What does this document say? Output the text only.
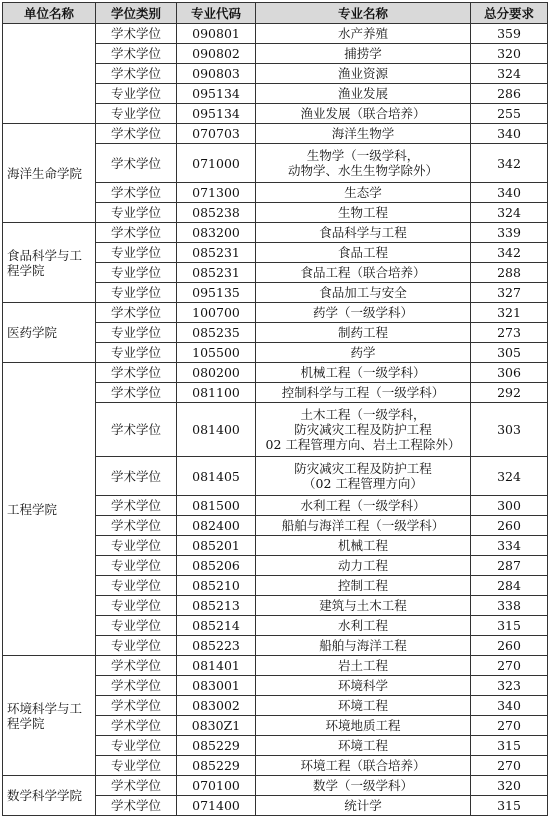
单位名称	学位类别	专业代码	专业名称	总分要求
	学术学位	090801	水产养殖	359
	学术学位	090802	捕捞学	320
	学术学位	090803	渔业资源	324
	专业学位	095134	渔业发展	286
	专业学位	095134	渔业发展（联合培养）	255
海洋生命学院	学术学位	070703	海洋生物学	340
	学术学位	071000	生物学（一级学科，
动物学、水生生物学除外）	342
	学术学位	071300	生态学	340
	专业学位	085238	生物工程	324
食品科学与工程学院	学术学位	083200	食品科学与工程	339
	专业学位	085231	食品工程	342
	专业学位	085231	食品工程（联合培养）	288
	专业学位	095135	食品加工与安全	327
医药学院	学术学位	100700	药学（一级学科）	321
	专业学位	085235	制药工程	273
	专业学位	105500	药学	305
工程学院	学术学位	080200	机械工程（一级学科）	306
	学术学位	081100	控制科学与工程（一级学科）	292
	学术学位	081400	土木工程（一级学科，
防灾减灾工程及防护工程
02 工程管理方向、岩土工程除外）	303
	学术学位	081405	防灾减灾工程及防护工程
（02 工程管理方向）	324
	学术学位	081500	水利工程（一级学科）	300
	学术学位	082400	船舶与海洋工程（一级学科）	260
	专业学位	085201	机械工程	334
	专业学位	085206	动力工程	287
	专业学位	085210	控制工程	284
	专业学位	085213	建筑与土木工程	338
	专业学位	085214	水利工程	315
	专业学位	085223	船舶与海洋工程	260
环境科学与工程学院	学术学位	081401	岩土工程	270
	学术学位	083001	环境科学	323
	学术学位	083002	环境工程	340
	学术学位	0830Z1	环境地质工程	270
	专业学位	085229	环境工程	315
	专业学位	085229	环境工程（联合培养）	270
数学科学学院	学术学位	070100	数学（一级学科）	320
	学术学位	071400	统计学	315
